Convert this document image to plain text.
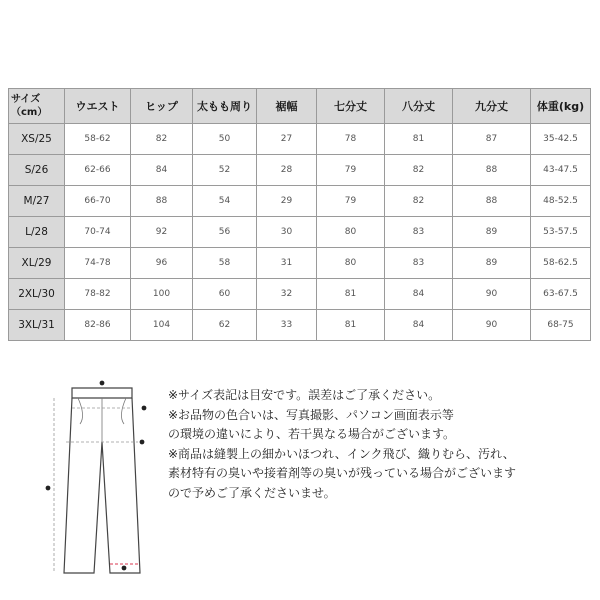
サイズ
（cm）	ウエスト	ヒップ	太もも周り	裾幅	七分丈	八分丈	九分丈	体重(kg)
XS/25	58-62	82	50	27	78	81	87	35-42.5
S/26	62-66	84	52	28	79	82	88	43-47.5
M/27	66-70	88	54	29	79	82	88	48-52.5
L/28	70-74	92	56	30	80	83	89	53-57.5
XL/29	74-78	96	58	31	80	83	89	58-62.5
2XL/30	78-82	100	60	32	81	84	90	63-67.5
3XL/31	82-86	104	62	33	81	84	90	68-75

※サイズ表記は目安です。誤差はご了承ください。

※お品物の色合いは、写真撮影、パソコン画面表示等

の環境の違いにより、若干異なる場合がございます。

※商品は縫製上の細かいほつれ、インク飛び、織りむら、汚れ、

素材特有の臭いや接着剤等の臭いが残っている場合がございます

ので予めご了承くださいませ。
